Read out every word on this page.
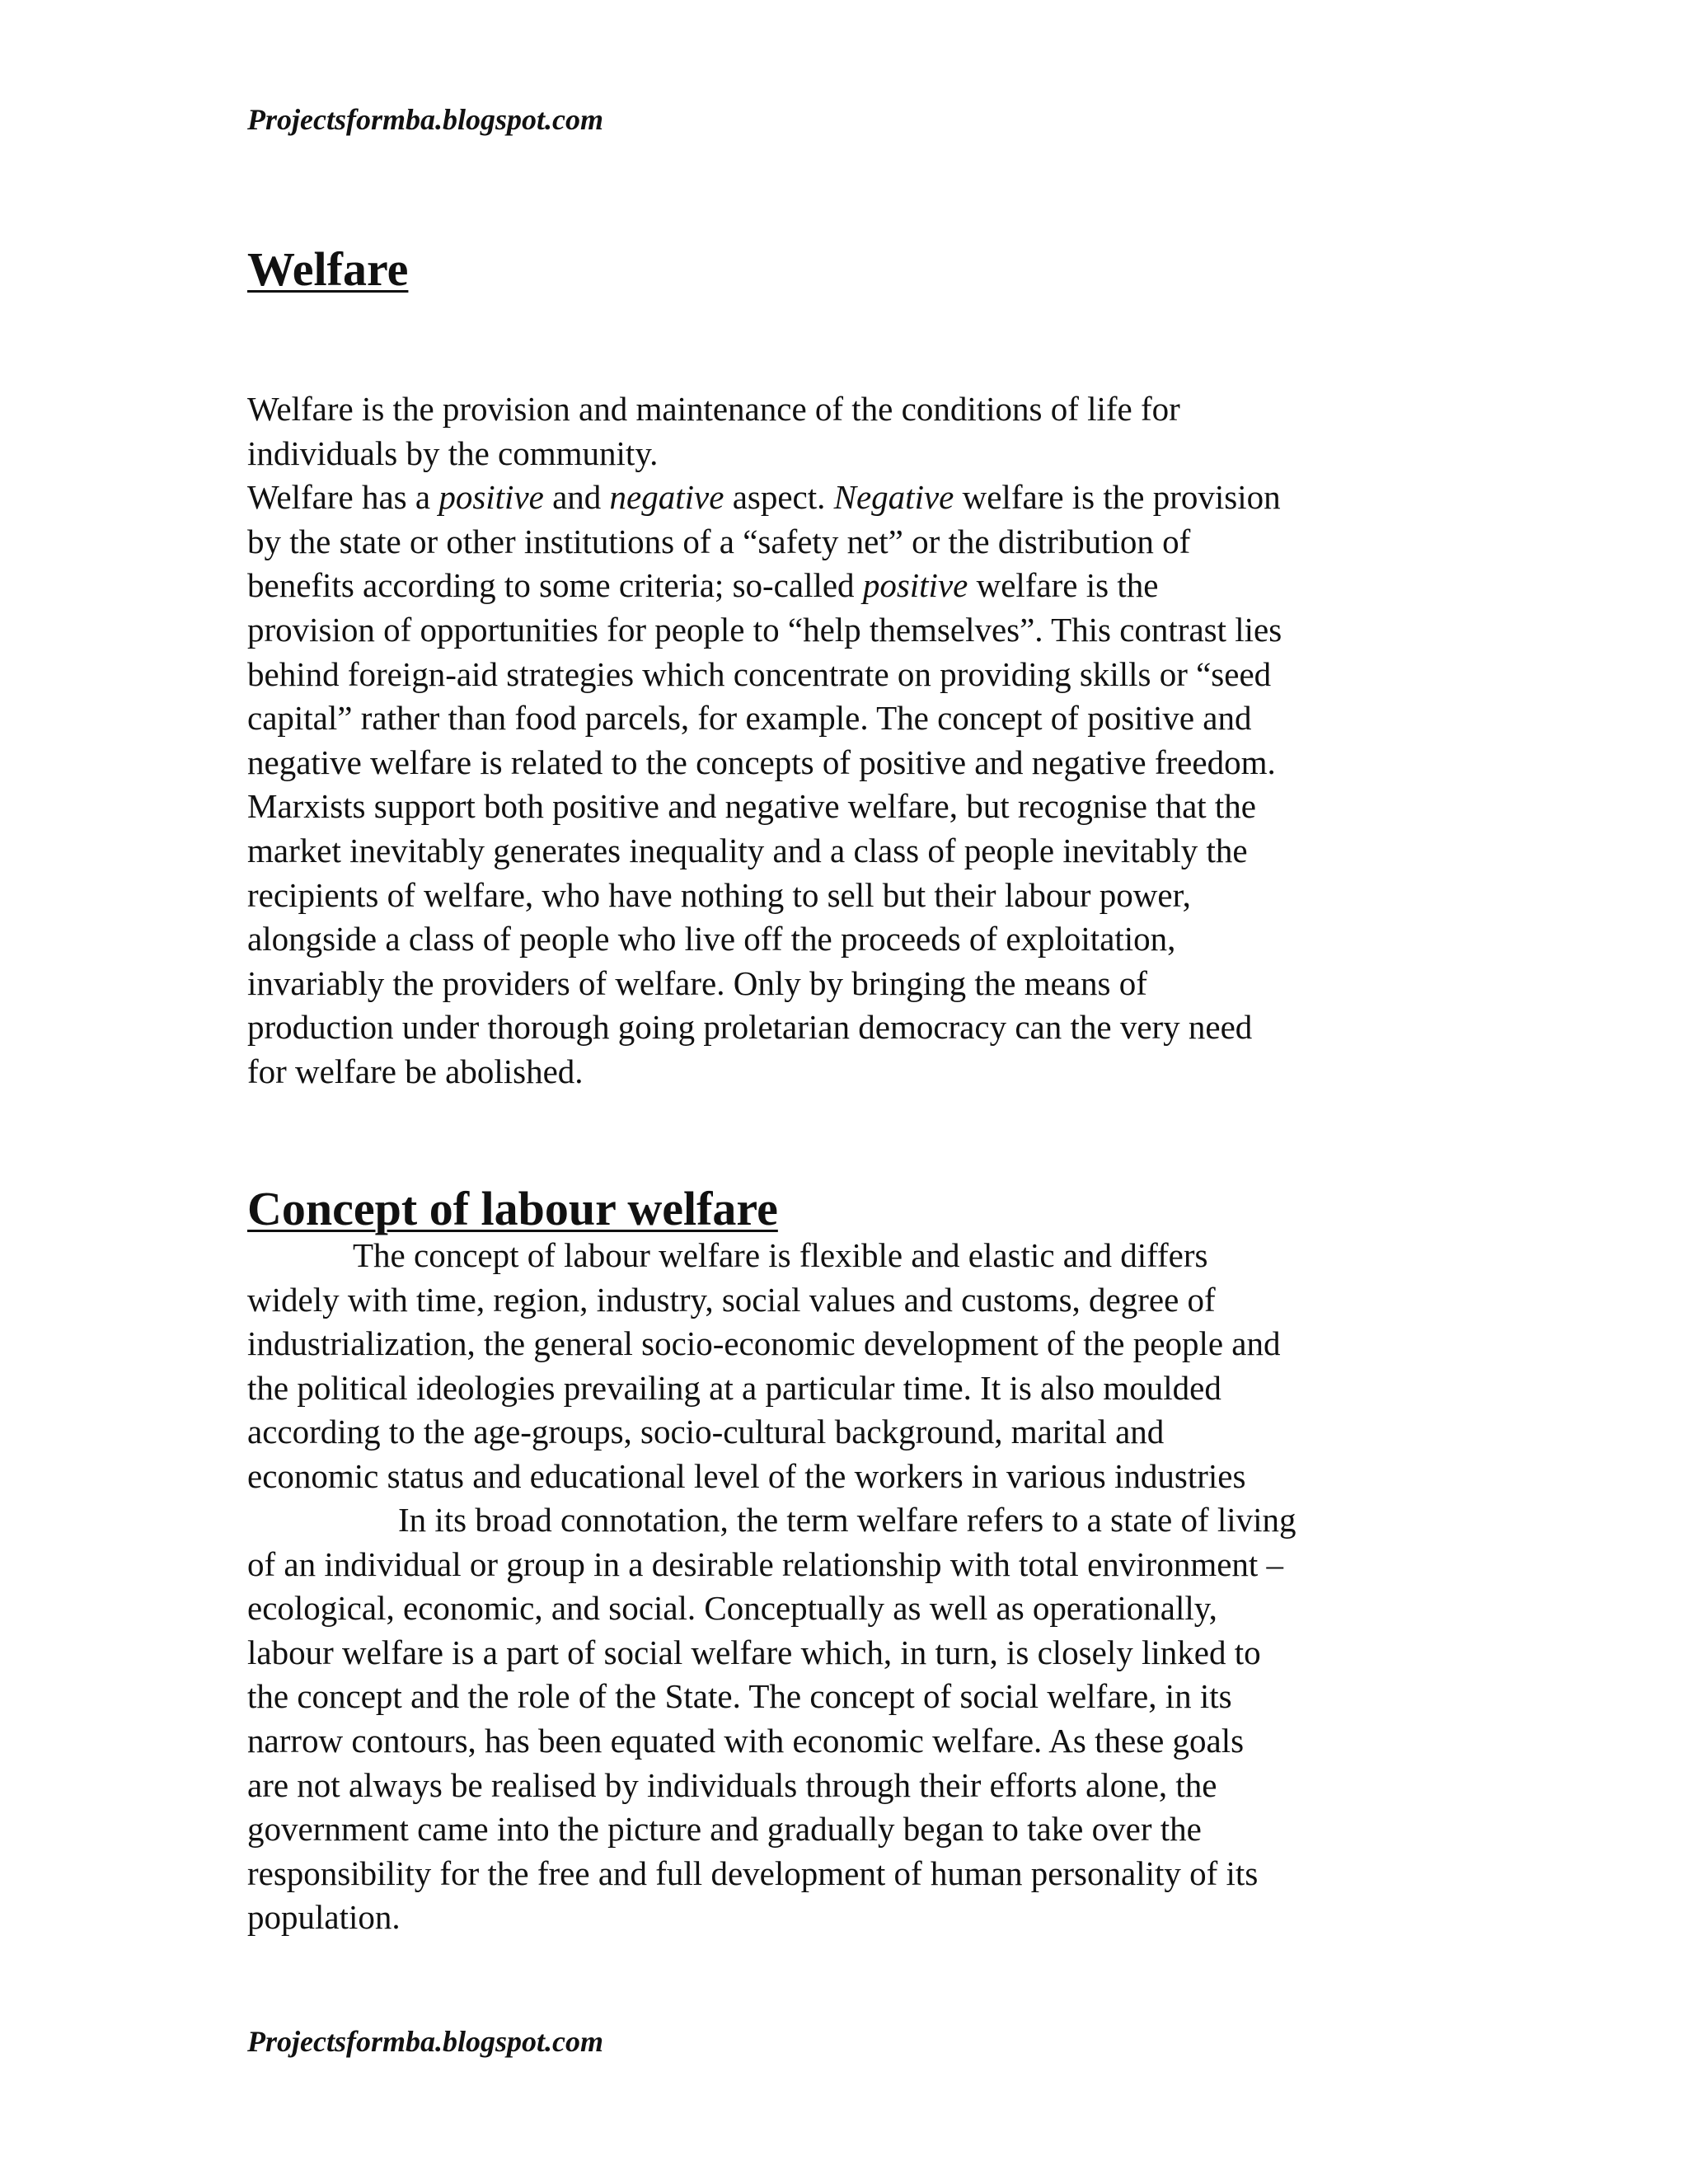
Projectsformba.blogspot.com

Welfare
Welfare is the provision and maintenance of the conditions of life for
individuals by the community.
Welfare has a positive and negative aspect. Negative welfare is the provision
by the state or other institutions of a “safety net” or the distribution of
benefits according to some criteria; so-called positive welfare is the
provision of opportunities for people to “help themselves”. This contrast lies
behind foreign-aid strategies which concentrate on providing skills or “seed
capital” rather than food parcels, for example. The concept of positive and
negative welfare is related to the concepts of positive and negative freedom.
Marxists support both positive and negative welfare, but recognise that the
market inevitably generates inequality and a class of people inevitably the
recipients of welfare, who have nothing to sell but their labour power,
alongside a class of people who live off the proceeds of exploitation,
invariably the providers of welfare. Only by bringing the means of
production under thorough going proletarian democracy can the very need
for welfare be abolished.
Concept of labour welfare
The concept of labour welfare is flexible and elastic and differs
widely with time, region, industry, social values and customs, degree of
industrialization, the general socio-economic development of the people and
the political ideologies prevailing at a particular time. It is also moulded
according to the age-groups, socio-cultural background, marital and
economic status and educational level of the workers in various industries
In its broad connotation, the term welfare refers to a state of living
of an individual or group in a desirable relationship with total environment –
ecological, economic, and social. Conceptually as well as operationally,
labour welfare is a part of social welfare which, in turn, is closely linked to
the concept and the role of the State. The concept of social welfare, in its
narrow contours, has been equated with economic welfare. As these goals
are not always be realised by individuals through their efforts alone, the
government came into the picture and gradually began to take over the
responsibility for the free and full development of human personality of its
population.

Projectsformba.blogspot.com
